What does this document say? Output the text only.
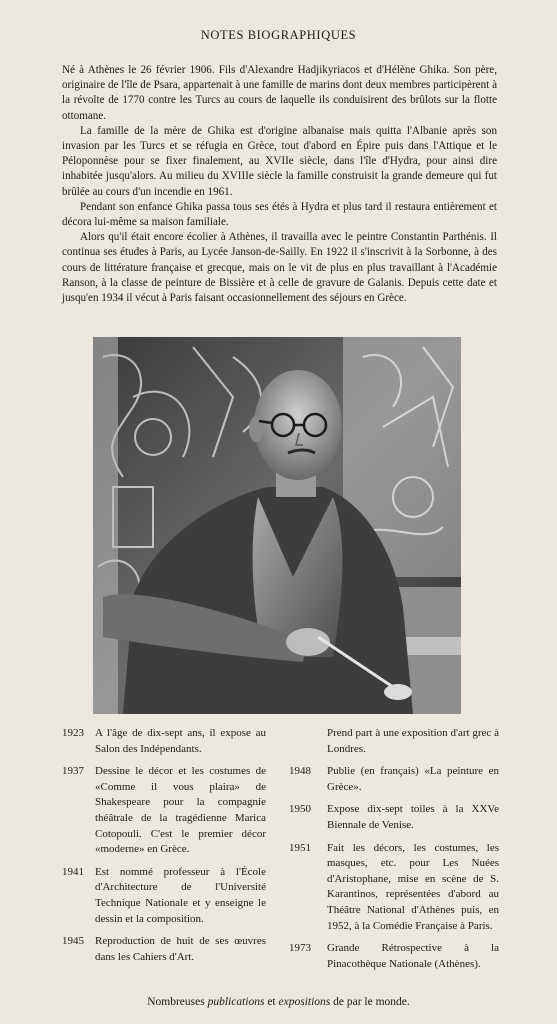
NOTES BIOGRAPHIQUES

Né à Athènes le 26 février 1906. Fils d'Alexandre Hadjikyriacos et d'Hélène Ghika. Son père, originaire de l'île de Psara, appartenait à une famille de marins dont deux membres participèrent à la révolte de 1770 contre les Turcs au cours de laquelle ils conduisirent des brûlots sur la flotte ottomane.

La famille de la mère de Ghika est d'origine albanaise mais quitta l'Albanie après son invasion par les Turcs et se réfugia en Grèce, tout d'abord en Épire puis dans l'Attique et le Péloponnèse pour se fixer finalement, au XVIIe siècle, dans l'île d'Hydra, pour ainsi dire inhabitée jusqu'alors. Au milieu du XVIIIe siècle la famille construisit la grande demeure qui fut brûlée au cours d'un incendie en 1961.

Pendant son enfance Ghika passa tous ses étés à Hydra et plus tard il restaura entièrement et décora lui-même sa maison familiale.

Alors qu'il était encore écolier à Athènes, il travailla avec le peintre Constantin Parthénis. Il continua ses études à Paris, au Lycée Janson-de-Sailly. En 1922 il s'inscrivit à la Sorbonne, à des cours de littérature française et grecque, mais on le vit de plus en plus travaillant à l'Académie Ranson, à la classe de peinture de Bissière et à celle de gravure de Galanis. Depuis cette date et jusqu'en 1934 il vécut à Paris faisant occasionnellement des séjours en Grèce.

1923	A l'âge de dix-sept ans, il expose au Salon des Indépendants.
1937	Dessine le décor et les costumes de «Comme il vous plaira» de Shakespeare pour la compagnie théâtrale de la tragédienne Marica Cotopouli. C'est le premier décor «moderne» en Grèce.
1941	Est nommé professeur à l'École d'Architecture de l'Université Technique Nationale et y enseigne le dessin et la composition.
1945	Reproduction de huit de ses œuvres dans les Cahiers d'Art.
Prend part à une exposition d'art grec à Londres.
1948	Publie (en français) «La peinture en Grèce».
1950	Expose dix-sept toiles à la XXVe Biennale de Venise.
1951	Fait les décors, les costumes, les masques, etc. pour Les Nuées d'Aristophane, mise en scène de S. Karantinos, représentées d'abord au Théâtre National d'Athènes puis, en 1952, à la Comédie Française à Paris.
1973	Grande Rétrospective à la Pinacothèque Nationale (Athènes).
Nombreuses publications et expositions de par le monde.
